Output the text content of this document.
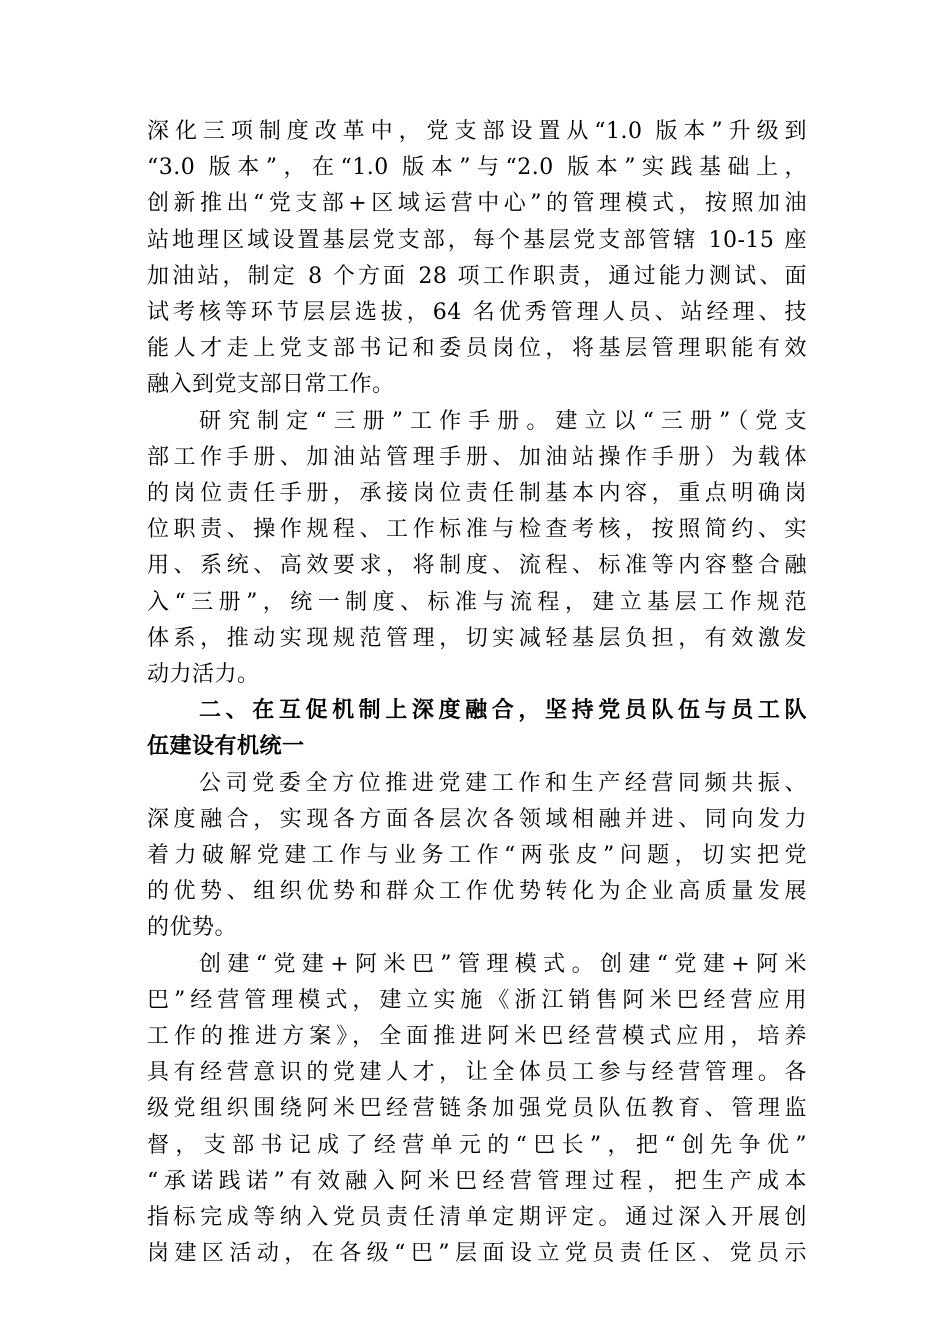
深化三项制度改革中，党支部设置从“1.0 版本”升级到
“3.0 版本”，在“1.0 版本”与“2.0 版本”实践基础上，
创新推出“党支部+区域运营中心”的管理模式，按照加油
站地理区域设置基层党支部，每个基层党支部管辖 10-15 座
加油站，制定 8 个方面 28 项工作职责，通过能力测试、面
试考核等环节层层选拔，64 名优秀管理人员、站经理、技
能人才走上党支部书记和委员岗位，将基层管理职能有效
融入到党支部日常工作。

研究制定“三册”工作手册。建立以“三册”（党支
部工作手册、加油站管理手册、加油站操作手册）为载体
的岗位责任手册，承接岗位责任制基本内容，重点明确岗
位职责、操作规程、工作标准与检查考核，按照简约、实
用、系统、高效要求，将制度、流程、标准等内容整合融
入“三册”，统一制度、标准与流程，建立基层工作规范
体系，推动实现规范管理，切实减轻基层负担，有效激发
动力活力。

二、在互促机制上深度融合，坚持党员队伍与员工队
伍建设有机统一

公司党委全方位推进党建工作和生产经营同频共振、
深度融合，实现各方面各层次各领域相融并进、同向发力
着力破解党建工作与业务工作“两张皮”问题，切实把党
的优势、组织优势和群众工作优势转化为企业高质量发展
的优势。

创建“党建+阿米巴”管理模式。创建“党建+阿米
巴”经营管理模式，建立实施《浙江销售阿米巴经营应用
工作的推进方案》，全面推进阿米巴经营模式应用，培养
具有经营意识的党建人才，让全体员工参与经营管理。各
级党组织围绕阿米巴经营链条加强党员队伍教育、管理监
督，支部书记成了经营单元的“巴长”，把“创先争优”
“承诺践诺”有效融入阿米巴经营管理过程，把生产成本
指标完成等纳入党员责任清单定期评定。通过深入开展创
岗建区活动，在各级“巴”层面设立党员责任区、党员示
